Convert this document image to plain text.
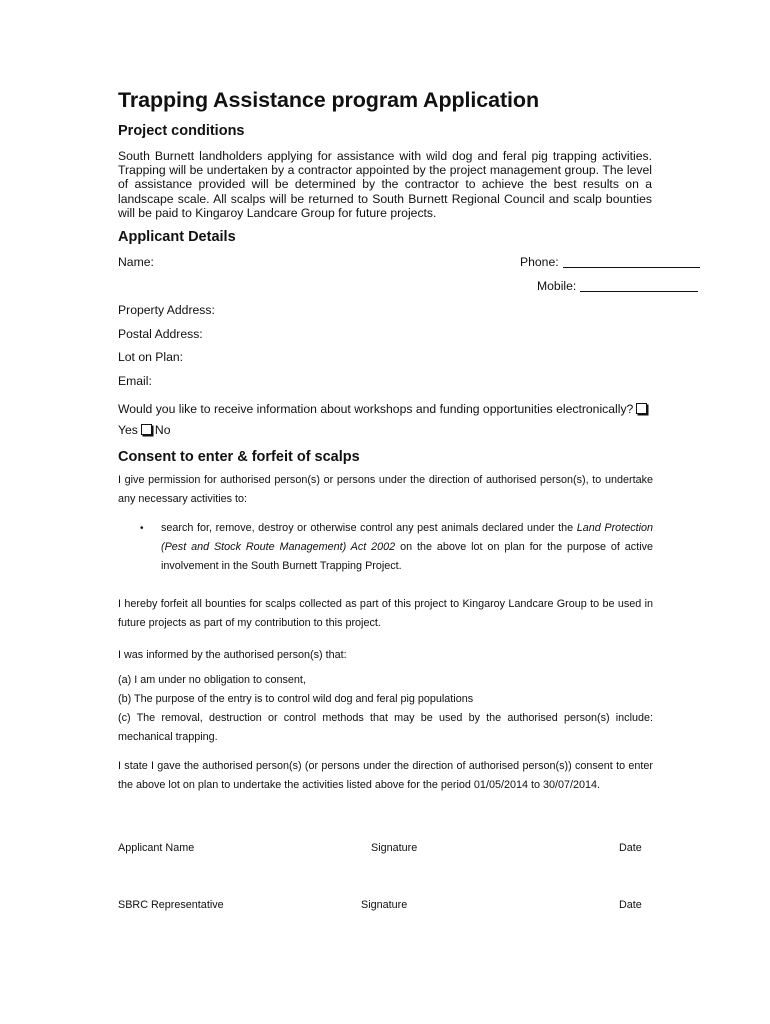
Trapping Assistance program Application
Project conditions
South Burnett landholders applying for assistance with wild dog and feral pig trapping activities. Trapping will be undertaken by a contractor appointed by the project management group. The level of assistance provided will be determined by the contractor to achieve the best results on a landscape scale. All scalps will be returned to South Burnett Regional Council and scalp bounties will be paid to Kingaroy Landcare Group for future projects.
Applicant Details
Name:	Phone:
Mobile:
Property Address:
Postal Address:
Lot on Plan:
Email:
Would you like to receive information about workshops and funding opportunities electronically?
Yes No
Consent to enter & forfeit of scalps
I give permission for authorised person(s) or persons under the direction of authorised person(s), to undertake any necessary activities to:
• search for, remove, destroy or otherwise control any pest animals declared under the Land Protection (Pest and Stock Route Management) Act 2002 on the above lot on plan for the purpose of active involvement in the South Burnett Trapping Project.
I hereby forfeit all bounties for scalps collected as part of this project to Kingaroy Landcare Group to be used in future projects as part of my contribution to this project.
I was informed by the authorised person(s) that:
(a) I am under no obligation to consent,
(b) The purpose of the entry is to control wild dog and feral pig populations
(c) The removal, destruction or control methods that may be used by the authorised person(s) include: mechanical trapping.
I state I gave the authorised person(s) (or persons under the direction of authorised person(s)) consent to enter the above lot on plan to undertake the activities listed above for the period 01/05/2014 to 30/07/2014.
Applicant Name	Signature	Date
SBRC Representative	Signature	Date
